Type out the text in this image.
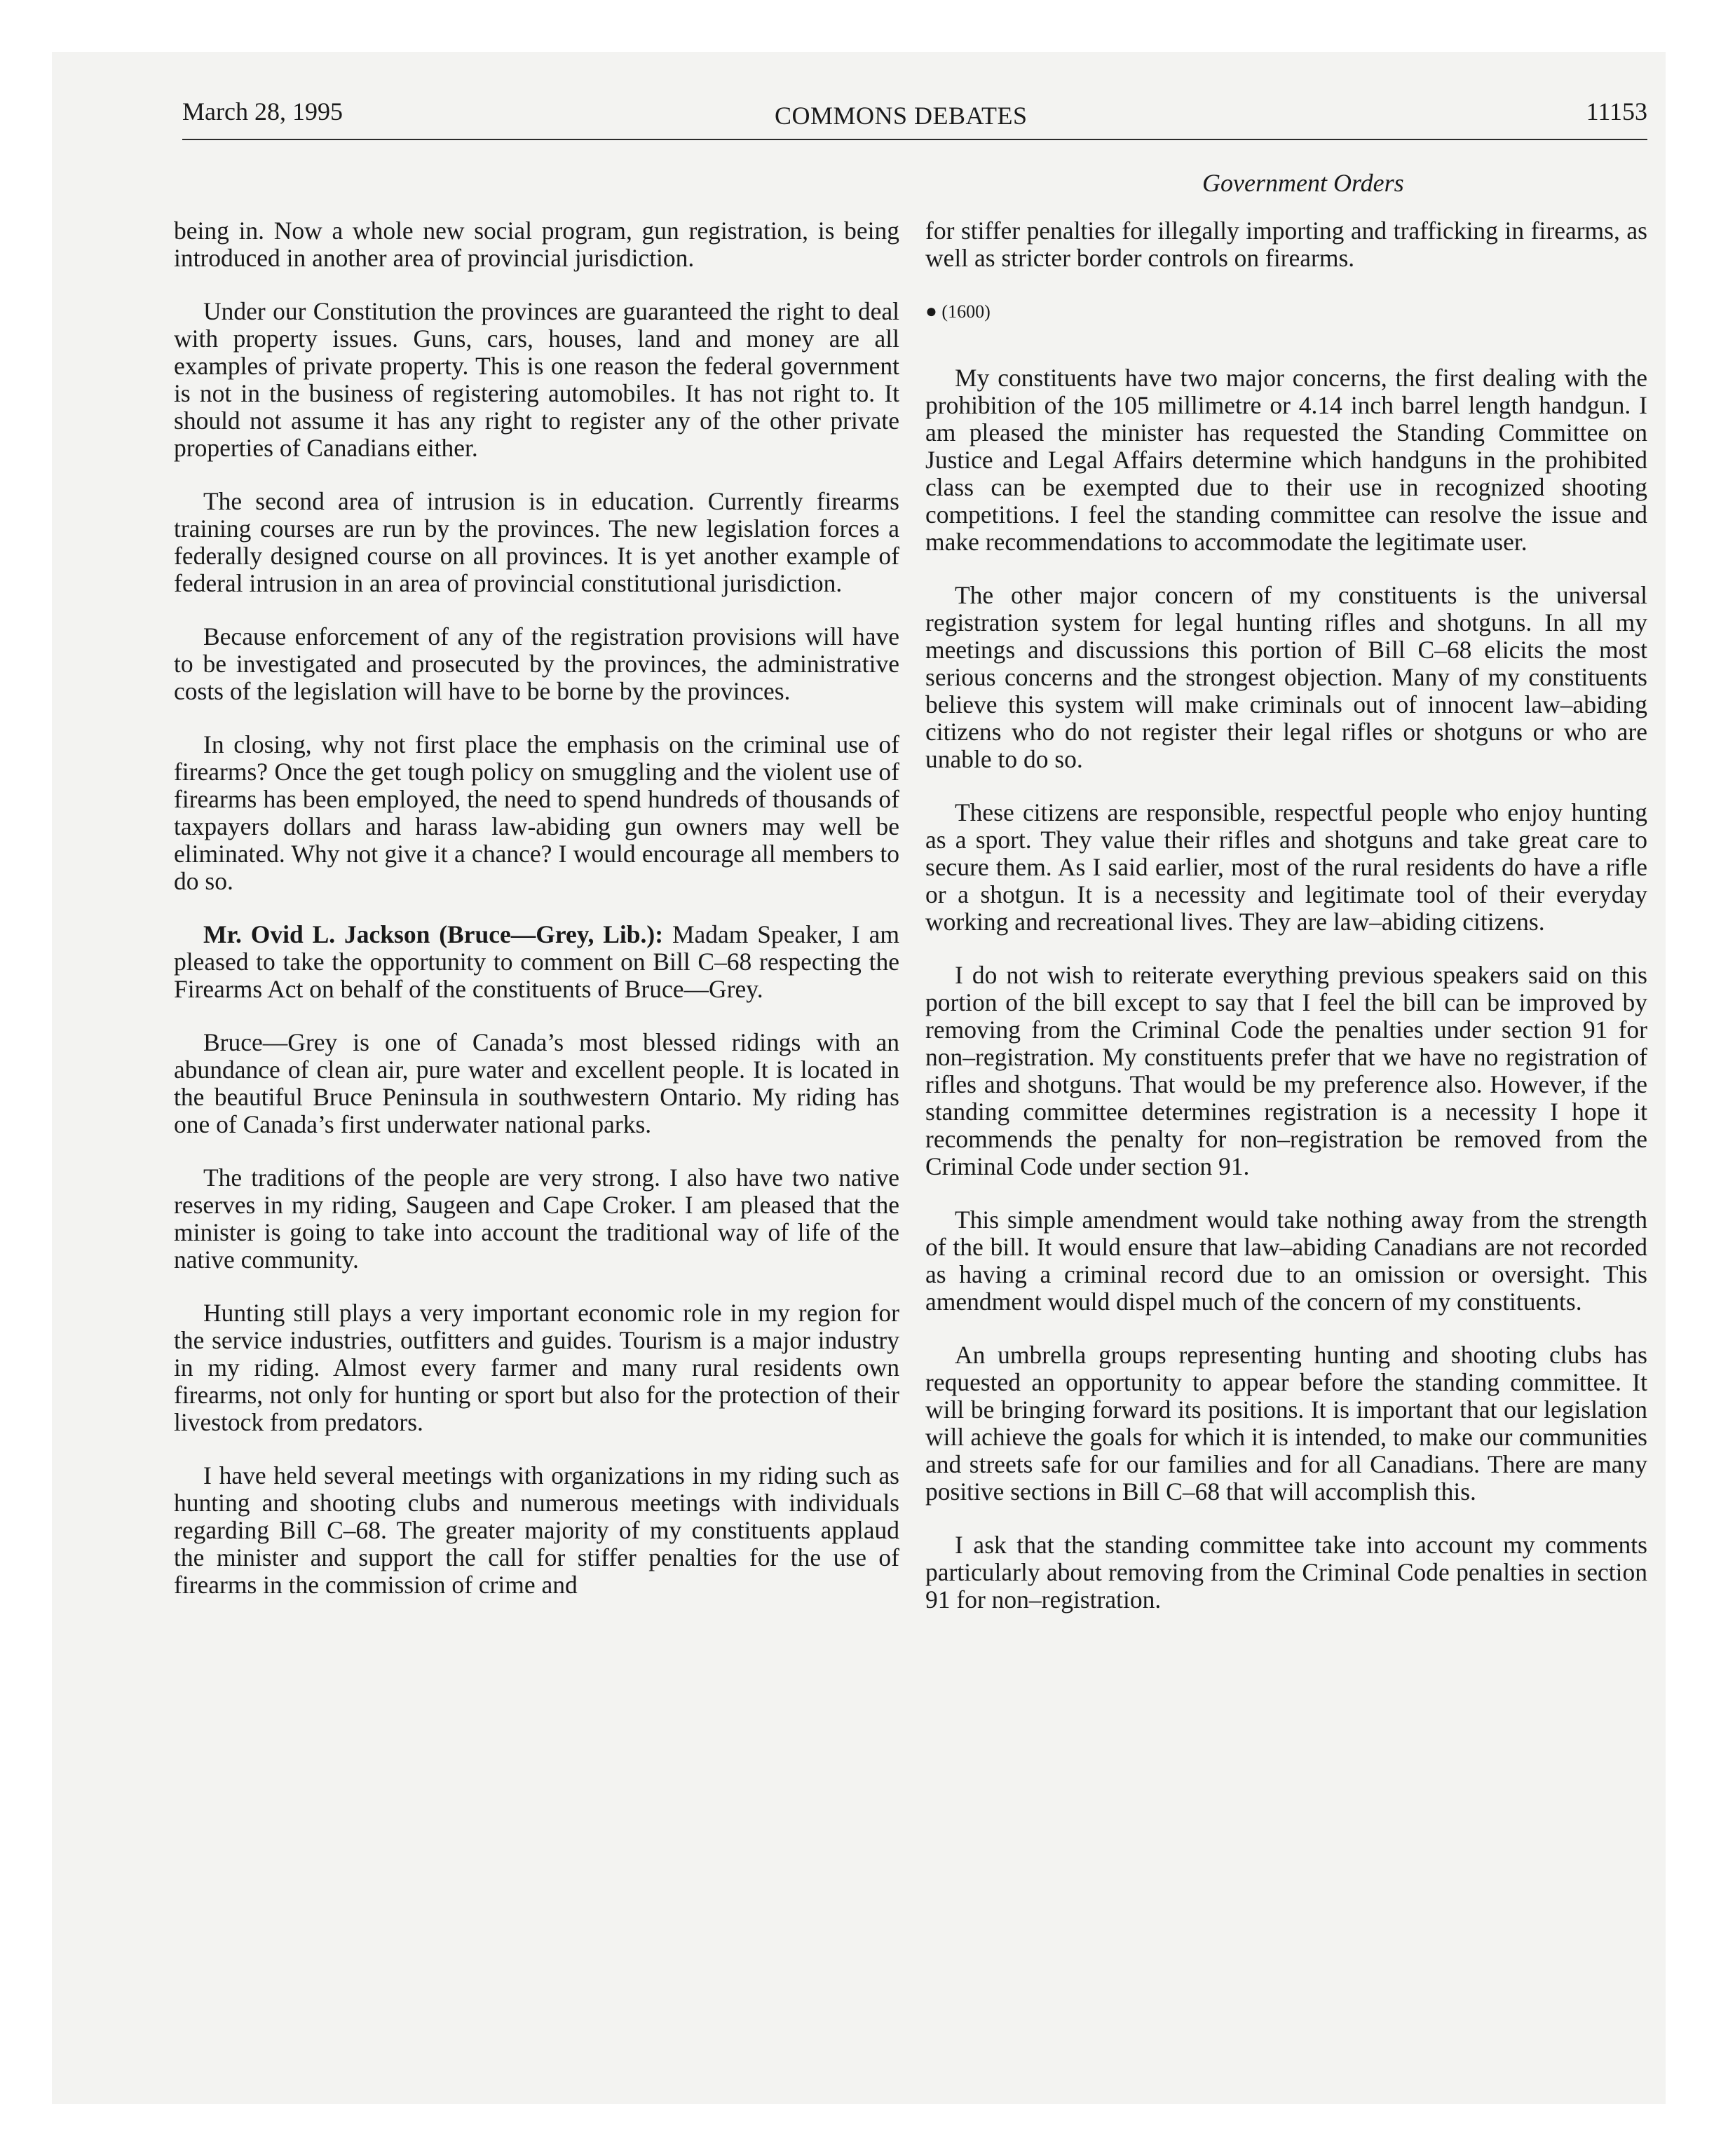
March 28, 1995	COMMONS DEBATES	11153
Government Orders

being in. Now a whole new social program, gun registration, is being introduced in another area of provincial jurisdiction.

Under our Constitution the provinces are guaranteed the right to deal with property issues. Guns, cars, houses, land and money are all examples of private property. This is one reason the federal government is not in the business of registering automobiles. It has not right to. It should not assume it has any right to register any of the other private properties of Canadians either.

The second area of intrusion is in education. Currently firearms training courses are run by the provinces. The new legislation forces a federally designed course on all provinces. It is yet another example of federal intrusion in an area of provincial constitutional jurisdiction.

Because enforcement of any of the registration provisions will have to be investigated and prosecuted by the provinces, the administrative costs of the legislation will have to be borne by the provinces.

In closing, why not first place the emphasis on the criminal use of firearms? Once the get tough policy on smuggling and the violent use of firearms has been employed, the need to spend hundreds of thousands of taxpayers dollars and harass law-abiding gun owners may well be eliminated. Why not give it a chance? I would encourage all members to do so.

Mr. Ovid L. Jackson (Bruce—Grey, Lib.): Madam Speaker, I am pleased to take the opportunity to comment on Bill C–68 respecting the Firearms Act on behalf of the constituents of Bruce—Grey.

Bruce—Grey is one of Canada’s most blessed ridings with an abundance of clean air, pure water and excellent people. It is located in the beautiful Bruce Peninsula in southwestern Ontario. My riding has one of Canada’s first underwater national parks.

The traditions of the people are very strong. I also have two native reserves in my riding, Saugeen and Cape Croker. I am pleased that the minister is going to take into account the traditional way of life of the native community.

Hunting still plays a very important economic role in my region for the service industries, outfitters and guides. Tourism is a major industry in my riding. Almost every farmer and many rural residents own firearms, not only for hunting or sport but also for the protection of their livestock from predators.

I have held several meetings with organizations in my riding such as hunting and shooting clubs and numerous meetings with individuals regarding Bill C–68. The greater majority of my constituents applaud the minister and support the call for stiffer penalties for the use of firearms in the commission of crime and

for stiffer penalties for illegally importing and trafficking in firearms, as well as stricter border controls on firearms.

● (1600)

My constituents have two major concerns, the first dealing with the prohibition of the 105 millimetre or 4.14 inch barrel length handgun. I am pleased the minister has requested the Standing Committee on Justice and Legal Affairs determine which handguns in the prohibited class can be exempted due to their use in recognized shooting competitions. I feel the standing committee can resolve the issue and make recommendations to accommodate the legitimate user.

The other major concern of my constituents is the universal registration system for legal hunting rifles and shotguns. In all my meetings and discussions this portion of Bill C–68 elicits the most serious concerns and the strongest objection. Many of my constituents believe this system will make criminals out of innocent law–abiding citizens who do not register their legal rifles or shotguns or who are unable to do so.

These citizens are responsible, respectful people who enjoy hunting as a sport. They value their rifles and shotguns and take great care to secure them. As I said earlier, most of the rural residents do have a rifle or a shotgun. It is a necessity and legitimate tool of their everyday working and recreational lives. They are law–abiding citizens.

I do not wish to reiterate everything previous speakers said on this portion of the bill except to say that I feel the bill can be improved by removing from the Criminal Code the penalties under section 91 for non–registration. My constituents prefer that we have no registration of rifles and shotguns. That would be my preference also. However, if the standing committee determines registration is a necessity I hope it recommends the penalty for non–registration be removed from the Criminal Code under section 91.

This simple amendment would take nothing away from the strength of the bill. It would ensure that law–abiding Canadians are not recorded as having a criminal record due to an omission or oversight. This amendment would dispel much of the concern of my constituents.

An umbrella groups representing hunting and shooting clubs has requested an opportunity to appear before the standing committee. It will be bringing forward its positions. It is important that our legislation will achieve the goals for which it is intended, to make our communities and streets safe for our families and for all Canadians. There are many positive sections in Bill C–68 that will accomplish this.

I ask that the standing committee take into account my comments particularly about removing from the Criminal Code penalties in section 91 for non–registration.
